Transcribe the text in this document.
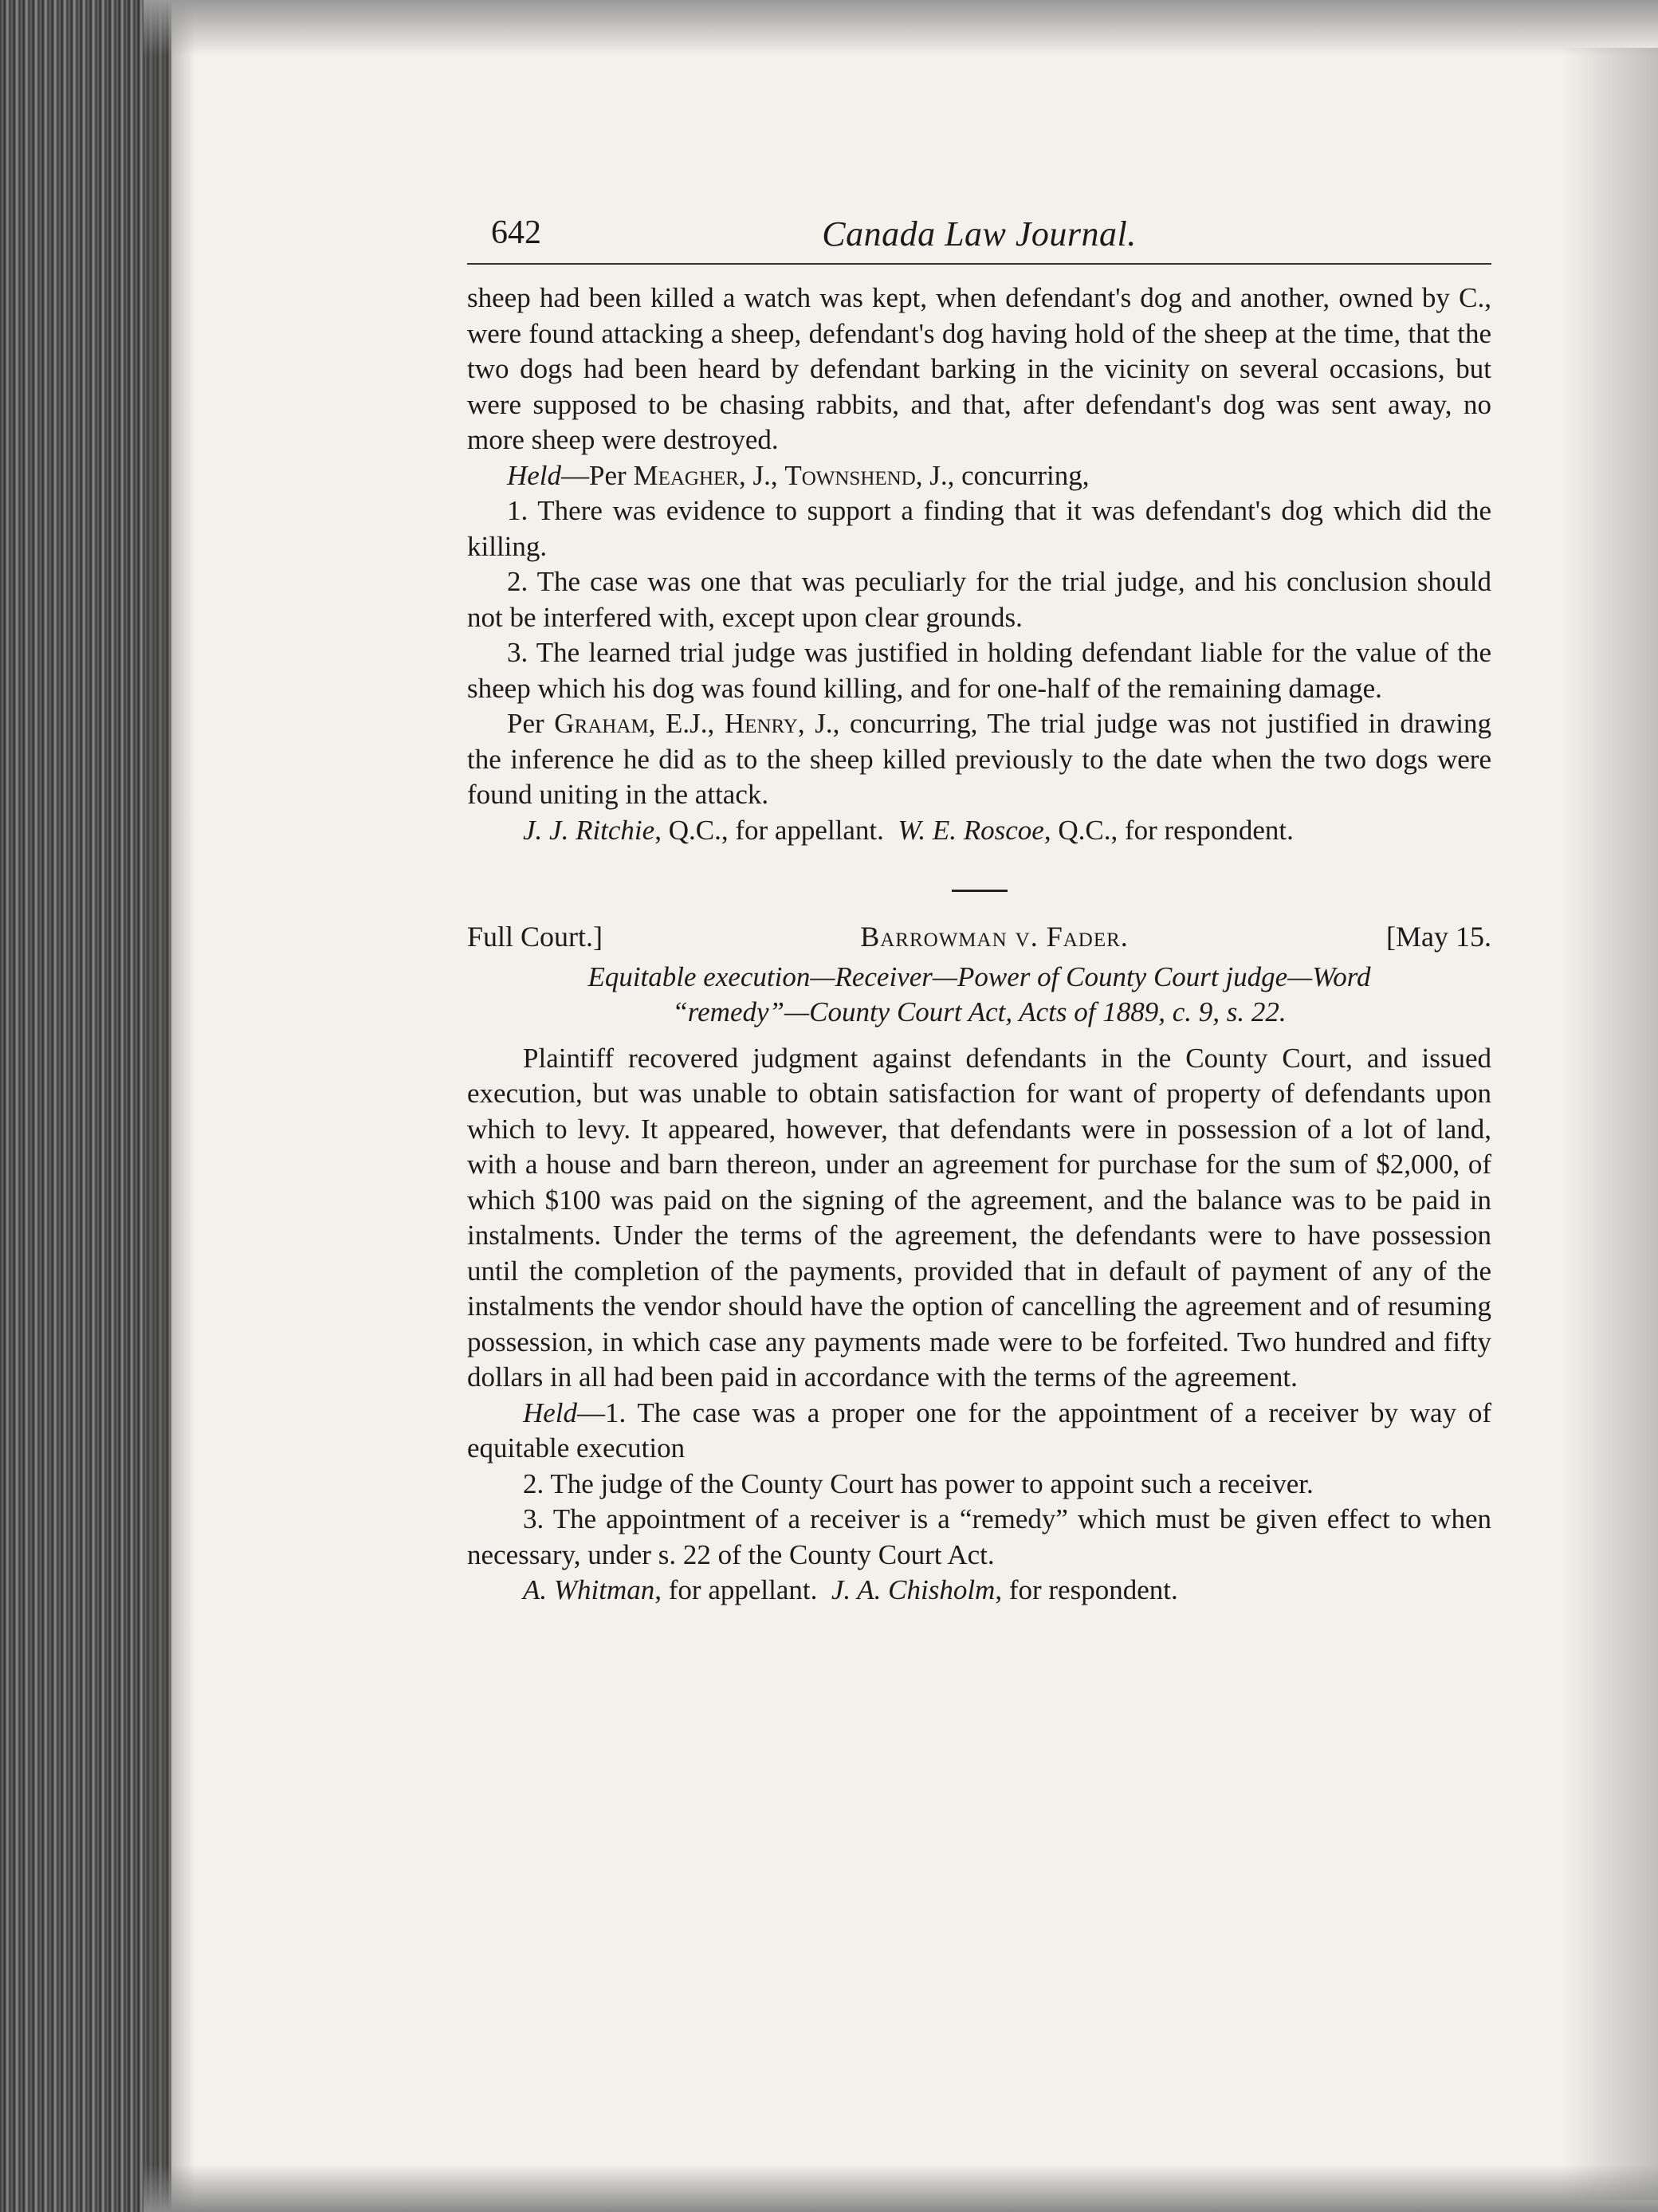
642	Canada Law Journal.

sheep had been killed a watch was kept, when defendant's dog and another, owned by C., were found attacking a sheep, defendant's dog having hold of the sheep at the time, that the two dogs had been heard by defendant barking in the vicinity on several occasions, but were supposed to be chasing rabbits, and that, after defendant's dog was sent away, no more sheep were destroyed.

Held—Per Meagher, J., Townshend, J., concurring,

1. There was evidence to support a finding that it was defendant's dog which did the killing.

2. The case was one that was peculiarly for the trial judge, and his conclusion should not be interfered with, except upon clear grounds.

3. The learned trial judge was justified in holding defendant liable for the value of the sheep which his dog was found killing, and for one-half of the remaining damage.

Per Graham, E.J., Henry, J., concurring, The trial judge was not justified in drawing the inference he did as to the sheep killed previously to the date when the two dogs were found uniting in the attack.

J. J. Ritchie, Q.C., for appellant. W. E. Roscoe, Q.C., for respondent.

Full Court.]	Barrowman v. Fader.	[May 15.
Equitable execution—Receiver—Power of County Court judge—Word
“remedy”—County Court Act, Acts of 1889, c. 9, s. 22.

Plaintiff recovered judgment against defendants in the County Court, and issued execution, but was unable to obtain satisfaction for want of property of defendants upon which to levy. It appeared, however, that defendants were in possession of a lot of land, with a house and barn thereon, under an agreement for purchase for the sum of $2,000, of which $100 was paid on the signing of the agreement, and the balance was to be paid in instalments. Under the terms of the agreement, the defendants were to have possession until the completion of the payments, provided that in default of payment of any of the instalments the vendor should have the option of cancelling the agreement and of resuming possession, in which case any payments made were to be forfeited. Two hundred and fifty dollars in all had been paid in accordance with the terms of the agreement.

Held—1. The case was a proper one for the appointment of a receiver by way of equitable execution

2. The judge of the County Court has power to appoint such a receiver.

3. The appointment of a receiver is a “remedy” which must be given effect to when necessary, under s. 22 of the County Court Act.

A. Whitman, for appellant. J. A. Chisholm, for respondent.
